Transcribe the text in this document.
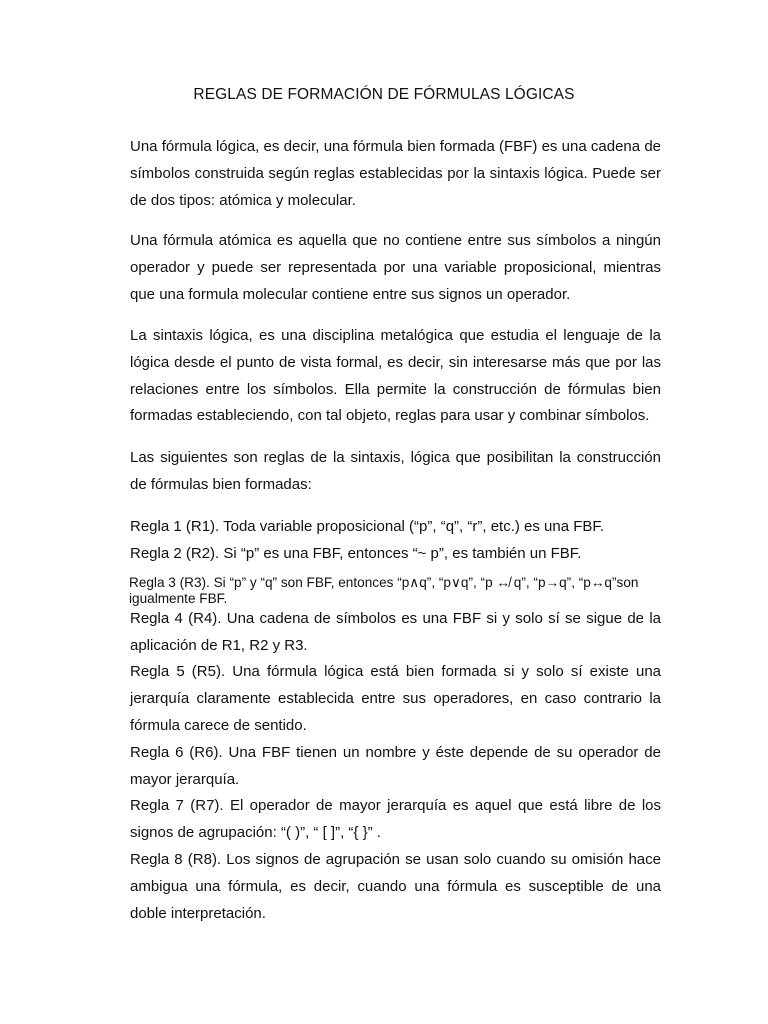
REGLAS DE FORMACIÓN DE FÓRMULAS LÓGICAS

Una fórmula lógica, es decir, una fórmula bien formada (FBF) es una cadena de símbolos construida según reglas establecidas por la sintaxis lógica. Puede ser de dos tipos: atómica y molecular.

Una fórmula atómica es aquella que no contiene entre sus símbolos a ningún operador y puede ser representada por una variable proposicional, mientras que una formula molecular contiene entre sus signos un operador.

La sintaxis lógica, es una disciplina metalógica que estudia el lenguaje de la lógica desde el punto de vista formal, es decir, sin interesarse más que por las relaciones entre los símbolos. Ella permite la construcción de fórmulas bien formadas estableciendo, con tal objeto, reglas para usar y combinar símbolos.

Las siguientes son reglas de la sintaxis, lógica que posibilitan la construcción de fórmulas bien formadas:

Regla 1 (R1). Toda variable proposicional (“p”, “q”, “r”, etc.) es una FBF.

Regla 2 (R2). Si “p” es una FBF, entonces “~ p”, es también un FBF.

Regla 3 (R3). Si “p” y “q” son FBF, entonces “p∧q”, “p∨q”, “p ↮ q”, “p→q”, “p↔q”son igualmente FBF.

Regla 4 (R4). Una cadena de símbolos es una FBF si y solo sí se sigue de la aplicación de R1, R2 y R3.

Regla 5 (R5). Una fórmula lógica está bien formada si y solo sí existe una jerarquía claramente establecida entre sus operadores, en caso contrario la fórmula carece de sentido.

Regla 6 (R6). Una FBF tienen un nombre y éste depende de su operador de mayor jerarquía.

Regla 7 (R7). El operador de mayor jerarquía es aquel que está libre de los signos de agrupación: “( )”, “ [ ]”, “{ }” .

Regla 8 (R8). Los signos de agrupación se usan solo cuando su omisión hace ambigua una fórmula, es decir, cuando una fórmula es susceptible de una doble interpretación.
